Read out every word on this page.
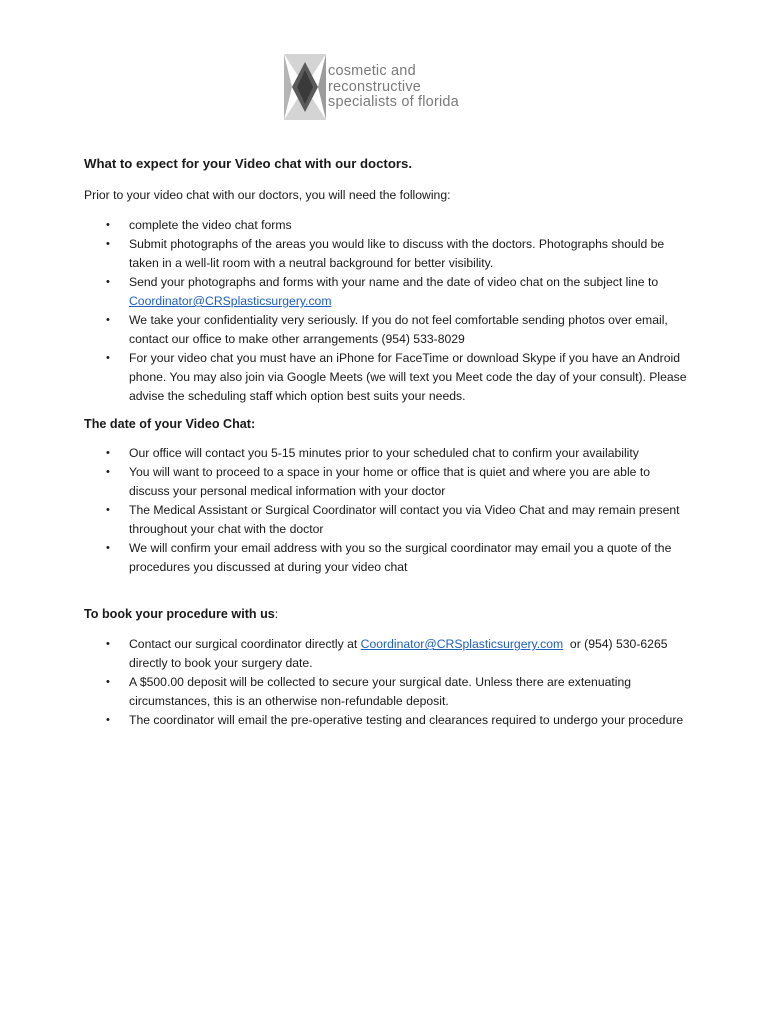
cosmetic and
reconstructive
specialists of florida

What to expect for your Video chat with our doctors.

Prior to your video chat with our doctors, you will need the following:

• complete the video chat forms
• Submit photographs of the areas you would like to discuss with the doctors. Photographs should be taken in a well-lit room with a neutral background for better visibility.
• Send your photographs and forms with your name and the date of video chat on the subject line to Coordinator@CRSplasticsurgery.com
• We take your confidentiality very seriously. If you do not feel comfortable sending photos over email, contact our office to make other arrangements (954) 533-8029
• For your video chat you must have an iPhone for FaceTime or download Skype if you have an Android phone. You may also join via Google Meets (we will text you Meet code the day of your consult). Please advise the scheduling staff which option best suits your needs.

The date of your Video Chat:

• Our office will contact you 5-15 minutes prior to your scheduled chat to confirm your availability
• You will want to proceed to a space in your home or office that is quiet and where you are able to discuss your personal medical information with your doctor
• The Medical Assistant or Surgical Coordinator will contact you via Video Chat and may remain present throughout your chat with the doctor
• We will confirm your email address with you so the surgical coordinator may email you a quote of the procedures you discussed at during your video chat

To book your procedure with us:

• Contact our surgical coordinator directly at Coordinator@CRSplasticsurgery.com  or (954) 530-6265 directly to book your surgery date.
• A $500.00 deposit will be collected to secure your surgical date. Unless there are extenuating circumstances, this is an otherwise non-refundable deposit.
• The coordinator will email the pre-operative testing and clearances required to undergo your procedure
